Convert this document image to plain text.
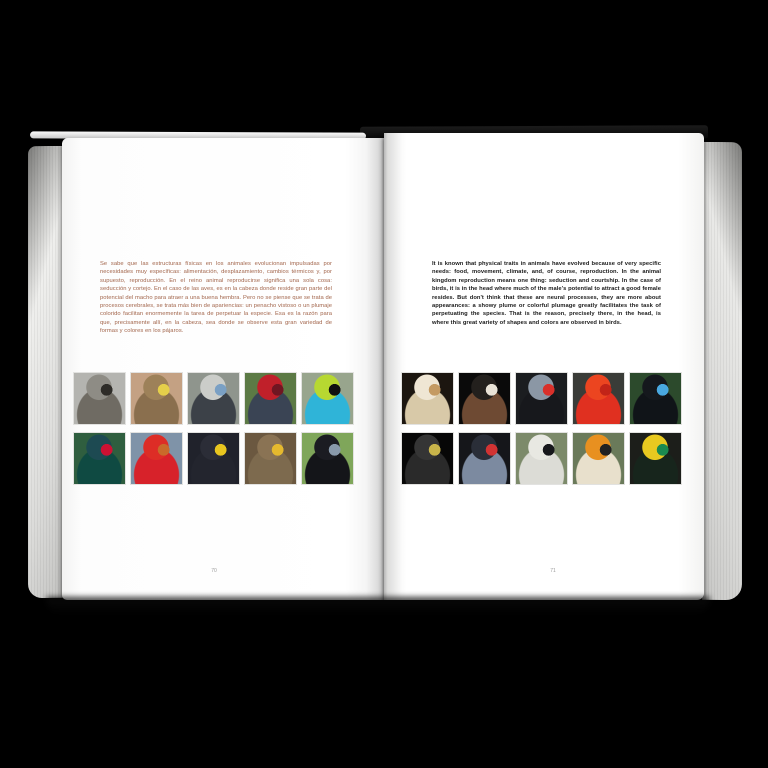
Se sabe que las estructuras físicas en los animales evolucionan impulsadas por necesidades muy específicas: alimentación, desplazamiento, cambios térmicos y, por supuesto, reproducción. En el reino animal reproducirse significa una sola cosa: seducción y cortejo. En el caso de las aves, es en la cabeza donde reside gran parte del potencial del macho para atraer a una buena hembra. Pero no se piense que se trata de procesos cerebrales, se trata más bien de apariencias: un penacho vistoso o un plumaje colorido facilitan enormemente la tarea de perpetuar la especie. Esa es la razón para que, precisamente allí, en la cabeza, sea donde se observe esta gran variedad de formas y colores en los pájaros.

70

It is known that physical traits in animals have evolved because of very specific needs: food, movement, climate, and, of course, reproduction. In the animal kingdom reproduction means one thing: seduction and courtship. In the case of birds, it is in the head where much of the male's potential to attract a good female resides. But don't think that these are neural processes, they are more about appearances: a showy plume or colorful plumage greatly facilitates the task of perpetuating the species. That is the reason, precisely there, in the head, is where this great variety of shapes and colors are observed in birds.

71
